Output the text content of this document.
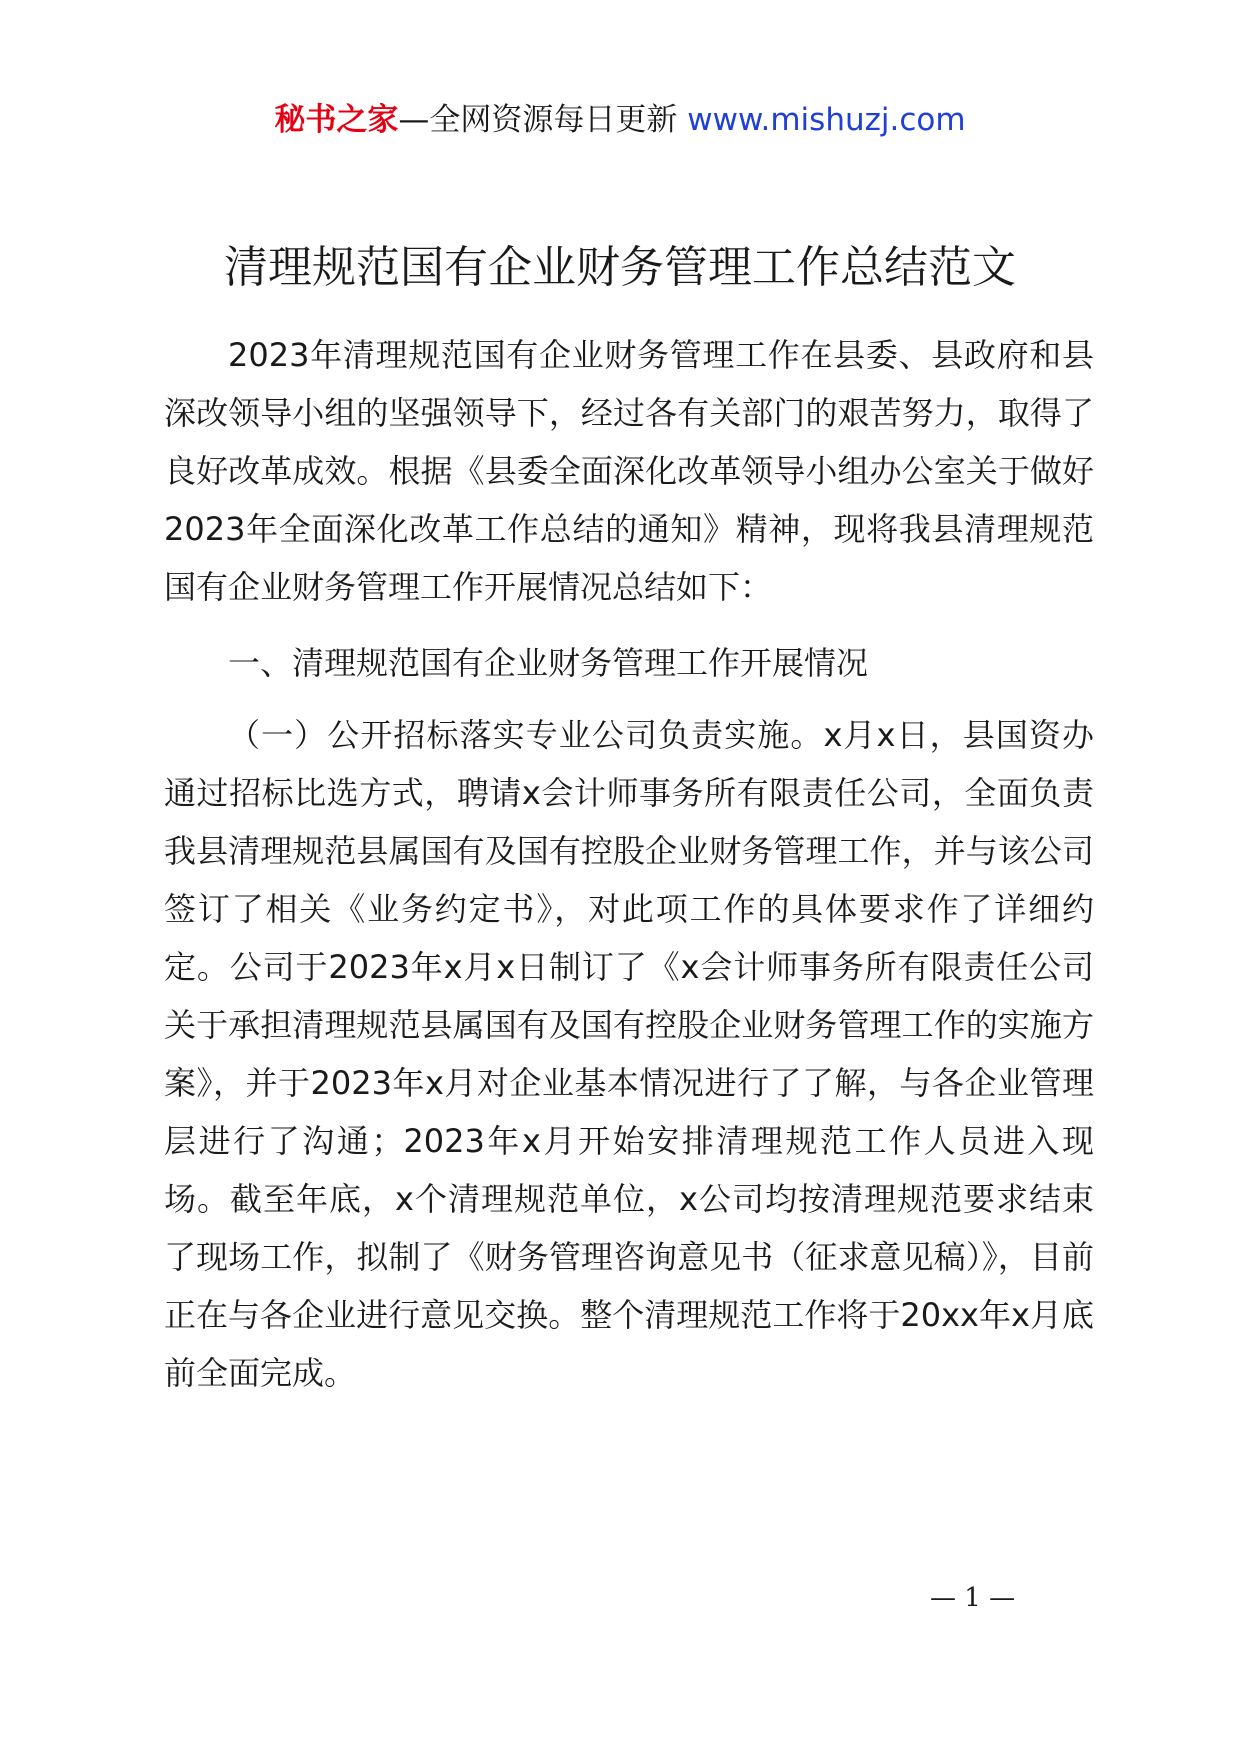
秘书之家—全网资源每日更新 www.mishuzj.com
清理规范国有企业财务管理工作总结范文

2023年清理规范国有企业财务管理工作在县委、县政府和县深改领导小组的坚强领导下，经过各有关部门的艰苦努力，取得了良好改革成效。根据《县委全面深化改革领导小组办公室关于做好2023年全面深化改革工作总结的通知》精神，现将我县清理规范国有企业财务管理工作开展情况总结如下：

一、清理规范国有企业财务管理工作开展情况

（一）公开招标落实专业公司负责实施。x月x日，县国资办通过招标比选方式，聘请x会计师事务所有限责任公司，全面负责我县清理规范县属国有及国有控股企业财务管理工作，并与该公司签订了相关《业务约定书》，对此项工作的具体要求作了详细约定。公司于2023年x月x日制订了《x会计师事务所有限责任公司关于承担清理规范县属国有及国有控股企业财务管理工作的实施方案》，并于2023年x月对企业基本情况进行了了解，与各企业管理层进行了沟通；2023年x月开始安排清理规范工作人员进入现场。截至年底，x个清理规范单位，x公司均按清理规范要求结束了现场工作，拟制了《财务管理咨询意见书（征求意见稿）》，目前正在与各企业进行意见交换。整个清理规范工作将于20xx年x月底前全面完成。

— 1 —
